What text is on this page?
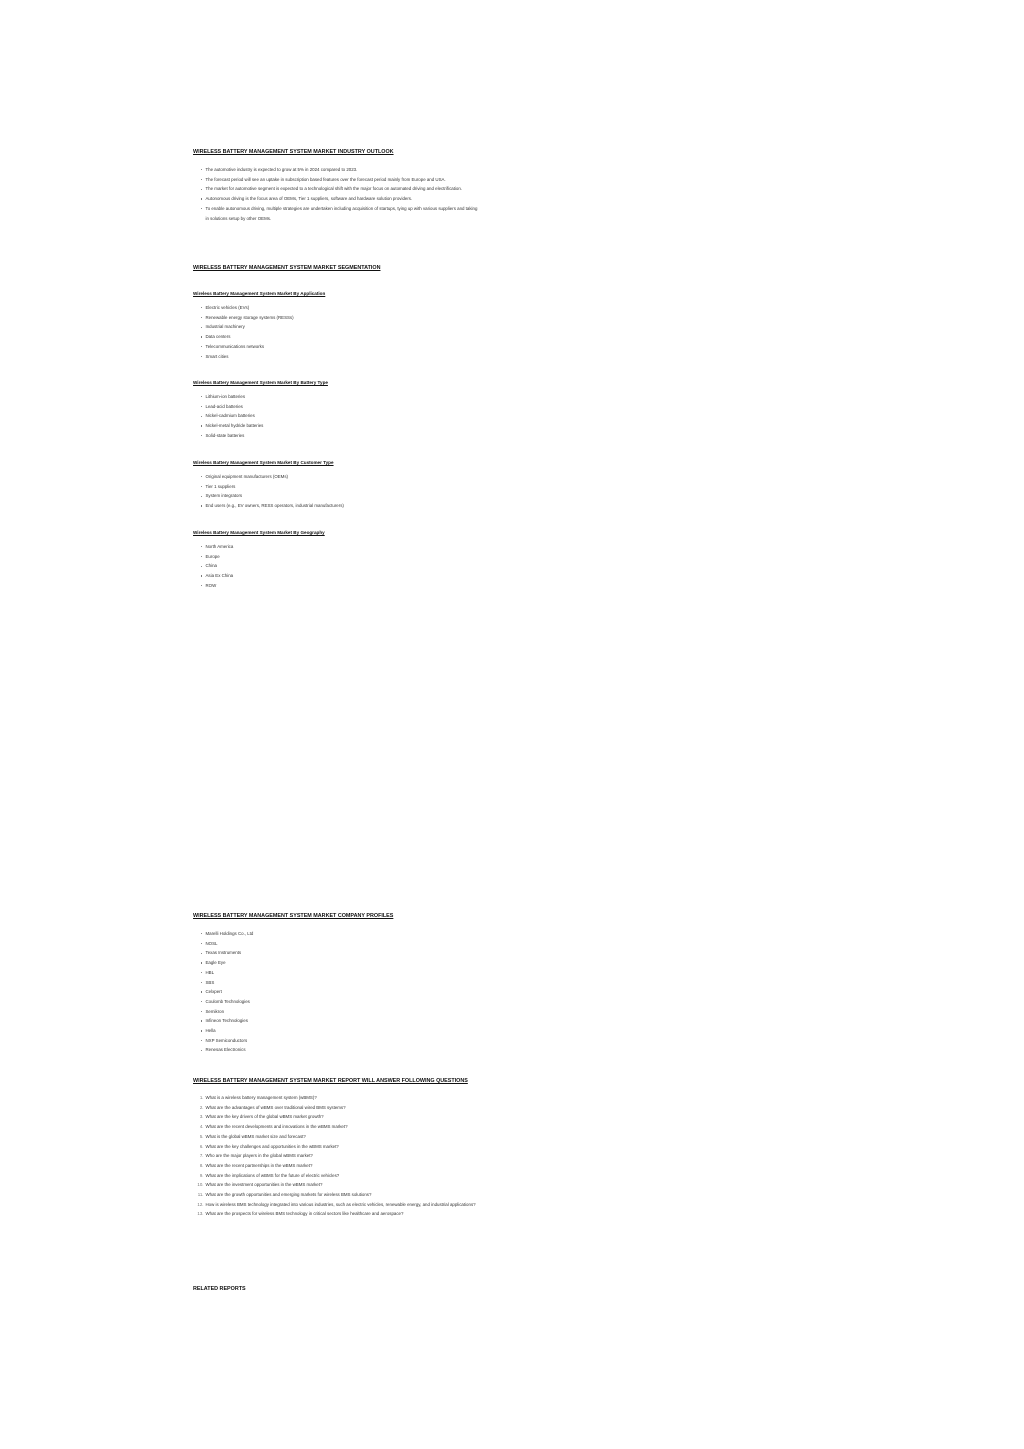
WIRELESS BATTERY MANAGEMENT SYSTEM MARKET INDUSTRY OUTLOOK
The automotive industry is expected to grow at 5% in 2024 compared to 2023.
The forecast period will see an uptake in subscription based features over the forecast period mainly from Europe and USA.
The market for automotive segment is expected to a technological shift with the major focus on automated driving and electrification.
Autonomous driving is the focus area of OEMs, Tier 1 suppliers, software and hardware solution providers.
To enable autonomous driving, multiple strategies are undertaken including acquisition of startups, tying up with various suppliers and taking in solutions setup by other OEMs.
WIRELESS BATTERY MANAGEMENT SYSTEM MARKET SEGMENTATION
Wireless Battery Management System Market By Application
Electric vehicles (EVs)
Renewable energy storage systems (RESSs)
Industrial machinery
Data centers
Telecommunications networks
Smart cities
Wireless Battery Management System Market By Battery Type
Lithium-ion batteries
Lead-acid batteries
Nickel-cadmium batteries
Nickel-metal hydride batteries
Solid-state batteries
Wireless Battery Management System Market By Customer Type
Original equipment manufacturers (OEMs)
Tier 1 suppliers
System integrators
End users (e.g., EV owners, RESS operators, industrial manufacturers)
Wireless Battery Management System Market By Geography
North America
Europe
China
Asia Ex China
ROW
WIRELESS BATTERY MANAGEMENT SYSTEM MARKET COMPANY PROFILES
Marelli Holdings Co., Ltd
NOSL
Texas Instruments
Eagle Eye
HBL
SBS
Celxpert
Coulomb Technologies
Semikron
Infineon Technologies
Hella
NXP Semiconductors
Renesas Electronics
WIRELESS BATTERY MANAGEMENT SYSTEM MARKET REPORT WILL ANSWER FOLLOWING QUESTIONS
1. What is a wireless battery management system (wBMS)?
2. What are the advantages of wBMS over traditional wired BMS systems?
3. What are the key drivers of the global wBMS market growth?
4. What are the recent developments and innovations in the wBMS market?
5. What is the global wBMS market size and forecast?
6. What are the key challenges and opportunities in the wBMS market?
7. Who are the major players in the global wBMS market?
8. What are the recent partnerships in the wBMS market?
9. What are the implications of wBMS for the future of electric vehicles?
10. What are the investment opportunities in the wBMS market?
11. What are the growth opportunities and emerging markets for wireless BMS solutions?
12. How is wireless BMS technology integrated into various industries, such as electric vehicles, renewable energy, and industrial applications?
13. What are the prospects for wireless BMS technology in critical sectors like healthcare and aerospace?
RELATED REPORTS
